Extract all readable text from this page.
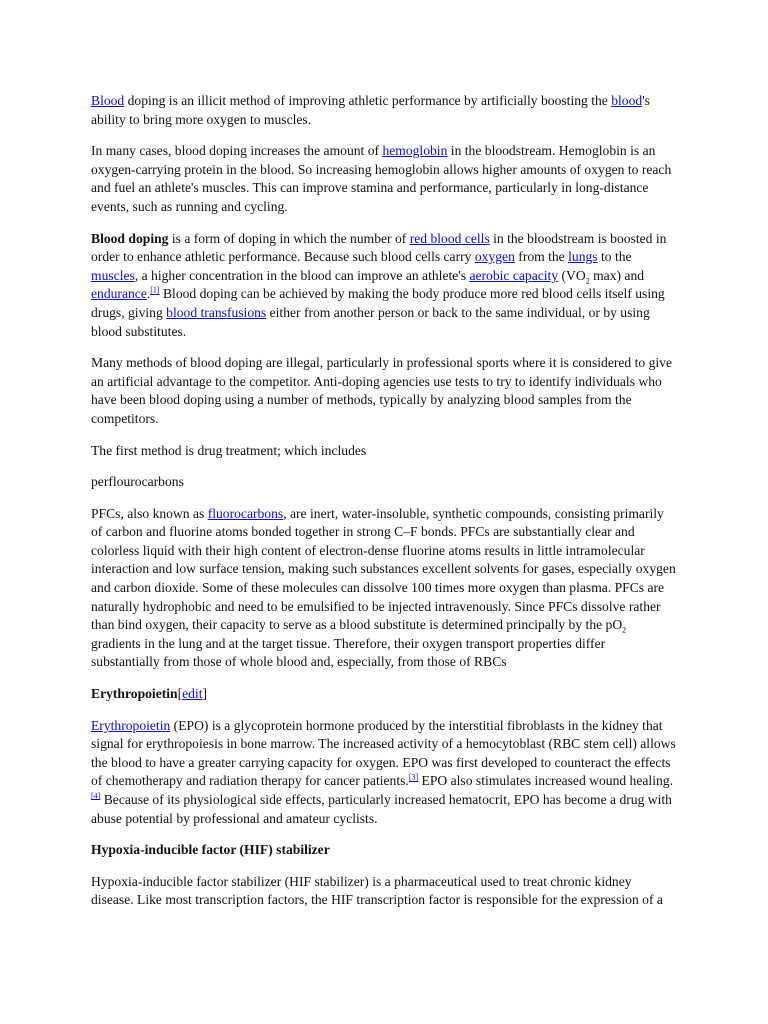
Blood doping is an illicit method of improving athletic performance by artificially boosting the blood's ability to bring more oxygen to muscles.

In many cases, blood doping increases the amount of hemoglobin in the bloodstream. Hemoglobin is an oxygen-carrying protein in the blood. So increasing hemoglobin allows higher amounts of oxygen to reach and fuel an athlete's muscles. This can improve stamina and performance, particularly in long-distance events, such as running and cycling.

Blood doping is a form of doping in which the number of red blood cells in the bloodstream is boosted in order to enhance athletic performance. Because such blood cells carry oxygen from the lungs to the muscles, a higher concentration in the blood can improve an athlete's aerobic capacity ($VO_2$ max) and endurance.[1] Blood doping can be achieved by making the body produce more red blood cells itself using drugs, giving blood transfusions either from another person or back to the same individual, or by using blood substitutes.

Many methods of blood doping are illegal, particularly in professional sports where it is considered to give an artificial advantage to the competitor. Anti-doping agencies use tests to try to identify individuals who have been blood doping using a number of methods, typically by analyzing blood samples from the competitors.

The first method is drug treatment; which includes

perflourocarbons

PFCs, also known as fluorocarbons, are inert, water-insoluble, synthetic compounds, consisting primarily of carbon and fluorine atoms bonded together in strong C–F bonds. PFCs are substantially clear and colorless liquid with their high content of electron-dense fluorine atoms results in little intramolecular interaction and low surface tension, making such substances excellent solvents for gases, especially oxygen and carbon dioxide. Some of these molecules can dissolve 100 times more oxygen than plasma. PFCs are naturally hydrophobic and need to be emulsified to be injected intravenously. Since PFCs dissolve rather than bind oxygen, their capacity to serve as a blood substitute is determined principally by the $pO_2$ gradients in the lung and at the target tissue. Therefore, their oxygen transport properties differ substantially from those of whole blood and, especially, from those of RBCs

Erythropoietin[edit]

Erythropoietin (EPO) is a glycoprotein hormone produced by the interstitial fibroblasts in the kidney that signal for erythropoiesis in bone marrow. The increased activity of a hemocytoblast (RBC stem cell) allows the blood to have a greater carrying capacity for oxygen. EPO was first developed to counteract the effects of chemotherapy and radiation therapy for cancer patients.[3] EPO also stimulates increased wound healing.[4] Because of its physiological side effects, particularly increased hematocrit, EPO has become a drug with abuse potential by professional and amateur cyclists.

Hypoxia-inducible factor (HIF) stabilizer

Hypoxia-inducible factor stabilizer (HIF stabilizer) is a pharmaceutical used to treat chronic kidney disease. Like most transcription factors, the HIF transcription factor is responsible for the expression of a
